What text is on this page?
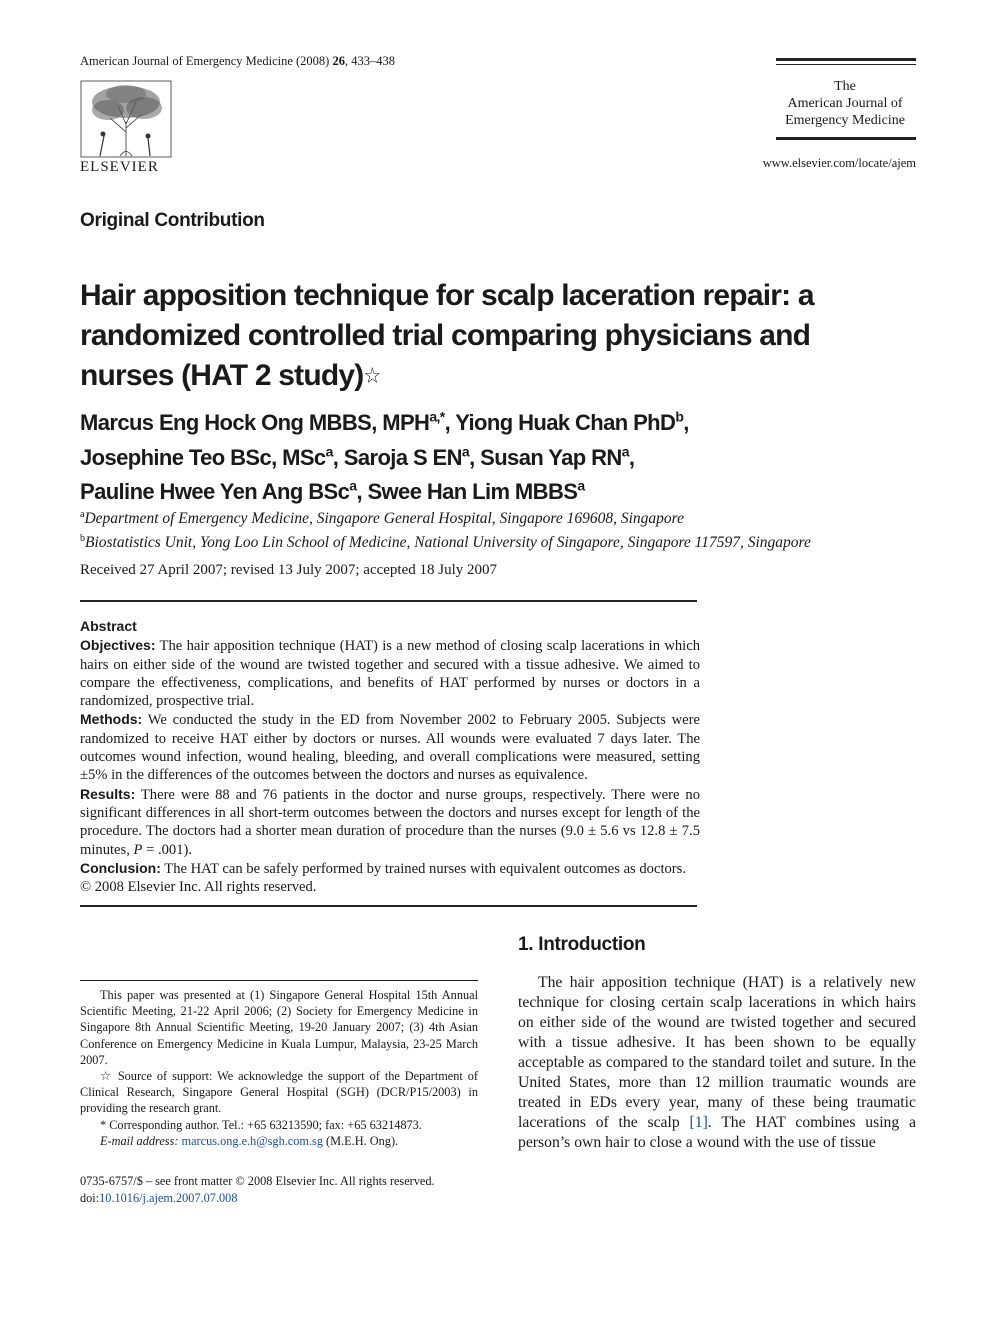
American Journal of Emergency Medicine (2008) 26, 433–438
ELSEVIER
The
American Journal of
Emergency Medicine
www.elsevier.com/locate/ajem
Original Contribution
Hair apposition technique for scalp laceration repair: a randomized controlled trial comparing physicians and nurses (HAT 2 study)☆
Marcus Eng Hock Ong MBBS, $MPH^{a,*}$, Yiong Huak Chan PhD$^b$,
Josephine Teo BSc, MSc$^a$, Saroja S $EN^a$, Susan Yap $RN^a$,
Pauline Hwee Yen Ang BSc$^a$, Swee Han Lim MBBS$^a$
$^a$Department of Emergency Medicine, Singapore General Hospital, Singapore 169608, Singapore
$^b$Biostatistics Unit, Yong Loo Lin School of Medicine, National University of Singapore, Singapore 117597, Singapore
Received 27 April 2007; revised 13 July 2007; accepted 18 July 2007

Abstract

Objectives: The hair apposition technique (HAT) is a new method of closing scalp lacerations in which hairs on either side of the wound are twisted together and secured with a tissue adhesive. We aimed to compare the effectiveness, complications, and benefits of HAT performed by nurses or doctors in a randomized, prospective trial.

Methods: We conducted the study in the ED from November 2002 to February 2005. Subjects were randomized to receive HAT either by doctors or nurses. All wounds were evaluated 7 days later. The outcomes wound infection, wound healing, bleeding, and overall complications were measured, setting ±5% in the differences of the outcomes between the doctors and nurses as equivalence.

Results: There were 88 and 76 patients in the doctor and nurse groups, respectively. There were no significant differences in all short-term outcomes between the doctors and nurses except for length of the procedure. The doctors had a shorter mean duration of procedure than the nurses (9.0 ± 5.6 vs 12.8 ± 7.5 minutes, P = .001).

Conclusion: The HAT can be safely performed by trained nurses with equivalent outcomes as doctors.

© 2008 Elsevier Inc. All rights reserved.

This paper was presented at (1) Singapore General Hospital 15th Annual Scientific Meeting, 21-22 April 2006; (2) Society for Emergency Medicine in Singapore 8th Annual Scientific Meeting, 19-20 January 2007; (3) 4th Asian Conference on Emergency Medicine in Kuala Lumpur, Malaysia, 23-25 March 2007.

☆ Source of support: We acknowledge the support of the Department of Clinical Research, Singapore General Hospital (SGH) (DCR/P15/2003) in providing the research grant.

* Corresponding author. Tel.: +65 63213590; fax: +65 63214873.

E-mail address: marcus.ong.e.h@sgh.com.sg (M.E.H. Ong).

0735-6757/$ – see front matter © 2008 Elsevier Inc. All rights reserved.
doi:10.1016/j.ajem.2007.07.008
1. Introduction
The hair apposition technique (HAT) is a relatively new technique for closing certain scalp lacerations in which hairs on either side of the wound are twisted together and secured with a tissue adhesive. It has been shown to be equally acceptable as compared to the standard toilet and suture. In the United States, more than 12 million traumatic wounds are treated in EDs every year, many of these being traumatic lacerations of the scalp [1]. The HAT combines using a person’s own hair to close a wound with the use of tissue
